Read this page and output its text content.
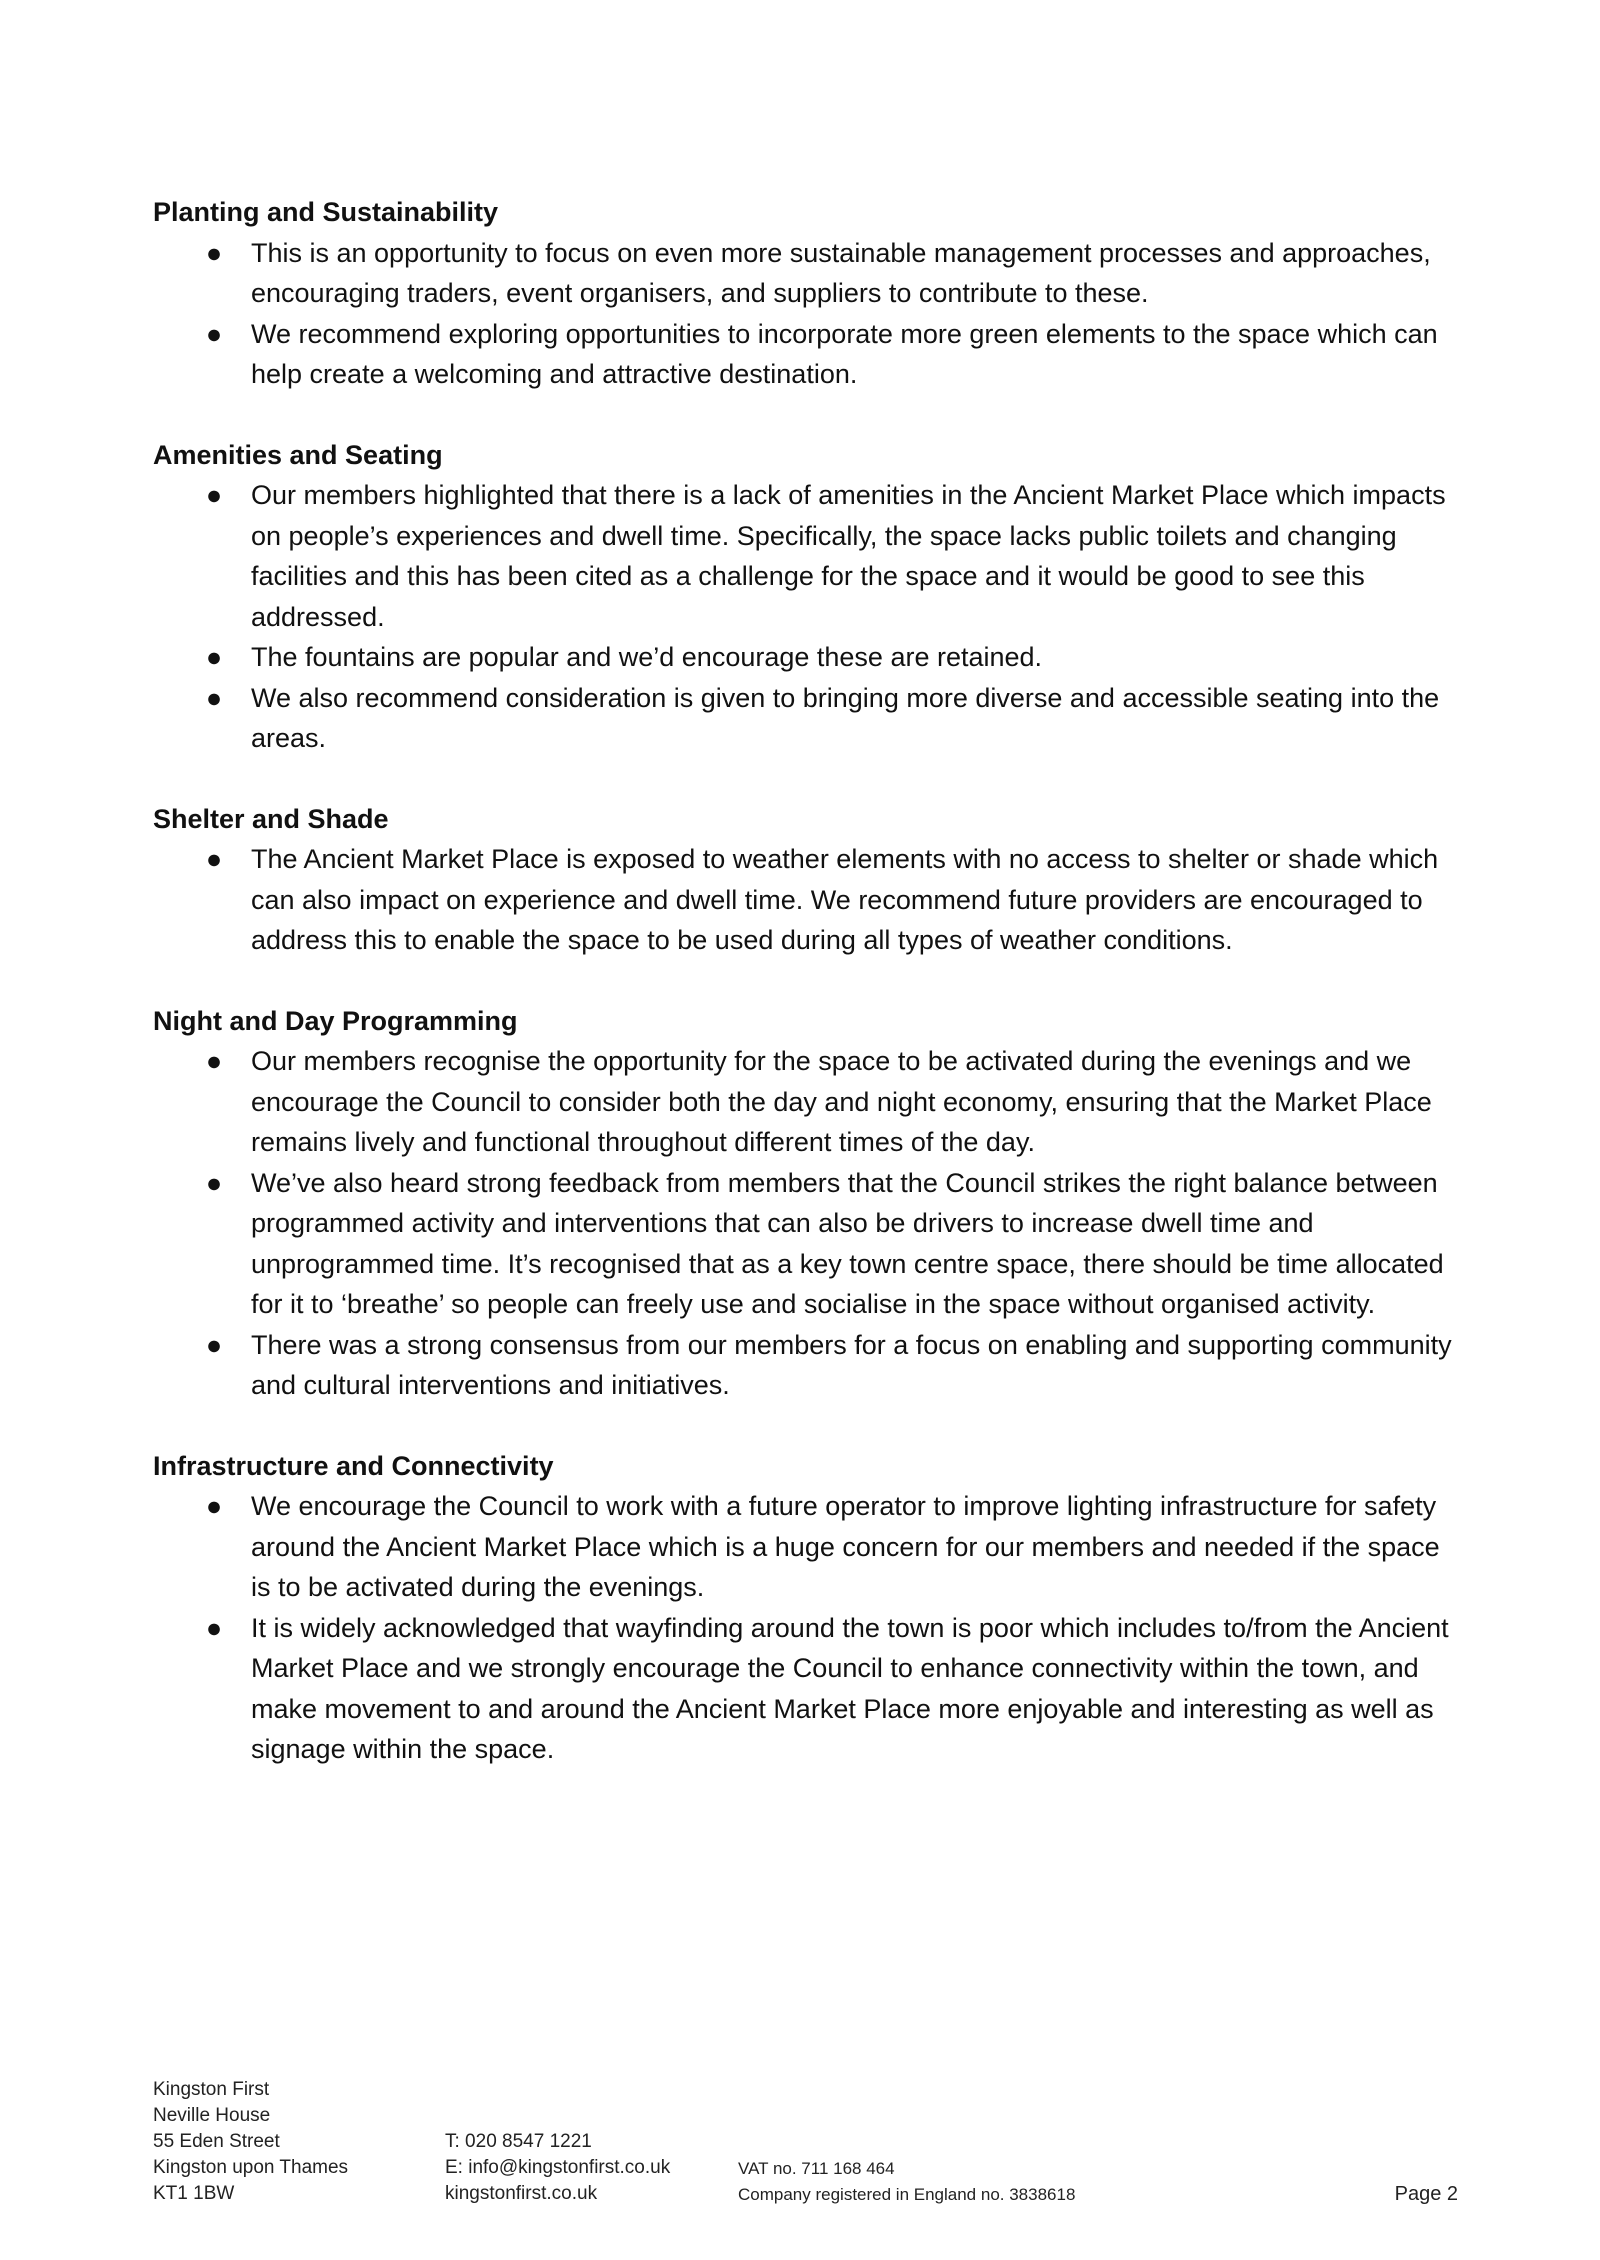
Planting and Sustainability
● This is an opportunity to focus on even more sustainable management processes and approaches, encouraging traders, event organisers, and suppliers to contribute to these.
● We recommend exploring opportunities to incorporate more green elements to the space which can help create a welcoming and attractive destination.
Amenities and Seating
● Our members highlighted that there is a lack of amenities in the Ancient Market Place which impacts on people’s experiences and dwell time. Specifically, the space lacks public toilets and changing facilities and this has been cited as a challenge for the space and it would be good to see this addressed.
● The fountains are popular and we’d encourage these are retained.
● We also recommend consideration is given to bringing more diverse and accessible seating into the areas.
Shelter and Shade
● The Ancient Market Place is exposed to weather elements with no access to shelter or shade which can also impact on experience and dwell time. We recommend future providers are encouraged to address this to enable the space to be used during all types of weather conditions.
Night and Day Programming
● Our members recognise the opportunity for the space to be activated during the evenings and we encourage the Council to consider both the day and night economy, ensuring that the Market Place remains lively and functional throughout different times of the day.
● We’ve also heard strong feedback from members that the Council strikes the right balance between programmed activity and interventions that can also be drivers to increase dwell time and unprogrammed time. It’s recognised that as a key town centre space, there should be time allocated for it to ‘breathe’ so people can freely use and socialise in the space without organised activity.
● There was a strong consensus from our members for a focus on enabling and supporting community and cultural interventions and initiatives.
Infrastructure and Connectivity
● We encourage the Council to work with a future operator to improve lighting infrastructure for safety around the Ancient Market Place which is a huge concern for our members and needed if the space is to be activated during the evenings.
● It is widely acknowledged that wayfinding around the town is poor which includes to/from the Ancient Market Place and we strongly encourage the Council to enhance connectivity within the town, and make movement to and around the Ancient Market Place more enjoyable and interesting as well as signage within the space.
Kingston First
Neville House
55 Eden Street
Kingston upon Thames
KT1 1BW
T: 020 8547 1221
E: info@kingstonfirst.co.uk
kingstonfirst.co.uk
VAT no. 711 168 464
Company registered in England no. 3838618	Page 2
